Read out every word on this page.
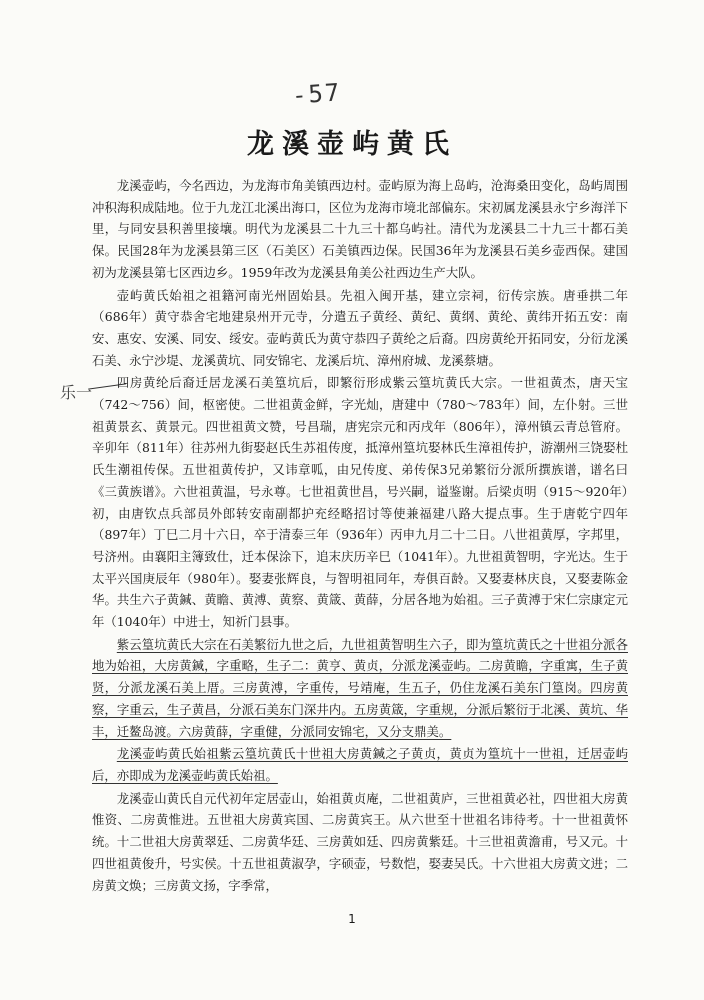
-57
乐一
龙溪壶屿黄氏

龙溪壶屿，今名西边，为龙海市角美镇西边村。壶屿原为海上岛屿，沧海桑田变化，岛屿周围冲积海积成陆地。位于九龙江北溪出海口，区位为龙海市境北部偏东。宋初属龙溪县永宁乡海洋下里，与同安县积善里接壤。明代为龙溪县二十九三十都乌屿社。清代为龙溪县二十九三十都石美保。民国28年为龙溪县第三区（石美区）石美镇西边保。民国36年为龙溪县石美乡壶西保。建国初为龙溪县第七区西边乡。1959年改为龙溪县角美公社西边生产大队。

壶屿黄氏始祖之祖籍河南光州固始县。先祖入闽开基，建立宗祠，衍传宗族。唐垂拱二年（686年）黄守恭舍宅地建泉州开元寺，分遣五子黄经、黄纪、黄纲、黄纶、黄纬开拓五安：南安、惠安、安溪、同安、绥安。壶屿黄氏为黄守恭四子黄纶之后裔。四房黄纶开拓同安，分衍龙溪石美、永宁沙堤、龙溪黄坑、同安锦宅、龙溪后坑、漳州府城、龙溪蔡塘。

四房黄纶后裔迁居龙溪石美篁坑后，即繁衍形成紫云篁坑黄氏大宗。一世祖黄杰，唐天宝（742～756）间，枢密使。二世祖黄金鲜，字光灿，唐建中（780～783年）间，左仆射。三世祖黄景玄、黄景元。四世祖黄文赞，号昌瑞，唐宪宗元和丙戌年（806年），漳州镇云青总管府。辛卯年（811年）往苏州九街娶赵氏生苏祖传度，抵漳州篁坑娶林氏生漳祖传护，游潮州三饶娶杜氏生潮祖传保。五世祖黄传护，又讳章呱，由兄传度、弟传保3兄弟繁衍分派所撰族谱，谱名曰《三黄族谱》。六世祖黄温，号永尊。七世祖黄世昌，号兴嗣，谥鉴谢。后梁贞明（915～920年）初，由唐钦点兵部员外郎转安南副都护充经略招讨等使兼福建八路大提点事。生于唐乾宁四年（897年）丁巳二月十六日，卒于清泰三年（936年）丙申九月二十二日。八世祖黄厚，字邦里，号济州。由襄阳主簿致仕，迁本保涂下，追末庆历辛巳（1041年）。九世祖黄智明，字光达。生于太平兴国庚辰年（980年）。娶妻张辉良，与智明祖同年，寿俱百龄。又娶妻林庆良，又娶妻陈金华。共生六子黄鍼、黄瞻、黄溥、黄察、黄箴、黄薛，分居各地为始祖。三子黄溥于宋仁宗康定元年（1040年）中进士，知祈门县事。

紫云篁坑黄氏大宗在石美繁衍九世之后，九世祖黄智明生六子，即为篁坑黄氏之十世祖分派各地为始祖，大房黄鍼，字重略，生子二：黄亨、黄贞，分派龙溪壶屿。二房黄瞻，字重寓，生子黄贤，分派龙溪石美上厝。三房黄溥，字重传，号靖庵，生五子，仍住龙溪石美东门篁岗。四房黄察，字重云，生子黄昌，分派石美东门深井内。五房黄箴，字重规，分派后繁衍于北溪、黄坑、华丰，迁鳌岛渡。六房黄薛，字重健，分派同安锦宅，又分支鼎美。

龙溪壶屿黄氏始祖紫云篁坑黄氏十世祖大房黄鍼之子黄贞，黄贞为篁坑十一世祖，迁居壶屿后，亦即成为龙溪壶屿黄氏始祖。

龙溪壶山黄氏自元代初年定居壶山，始祖黄贞庵，二世祖黄庐，三世祖黄必社，四世祖大房黄惟资、二房黄惟进。五世祖大房黄宾国、二房黄宾王。从六世至十世祖名讳待考。十一世祖黄怀统。十二世祖大房黄翠廷、二房黄华廷、三房黄如廷、四房黄紫廷。十三世祖黄澹甫，号又元。十四世祖黄俊升，号实侯。十五世祖黄淑孕，字硕壶，号数恺，娶妻吴氏。十六世祖大房黄文进；二房黄文焕；三房黄文扬，字季常，

1
